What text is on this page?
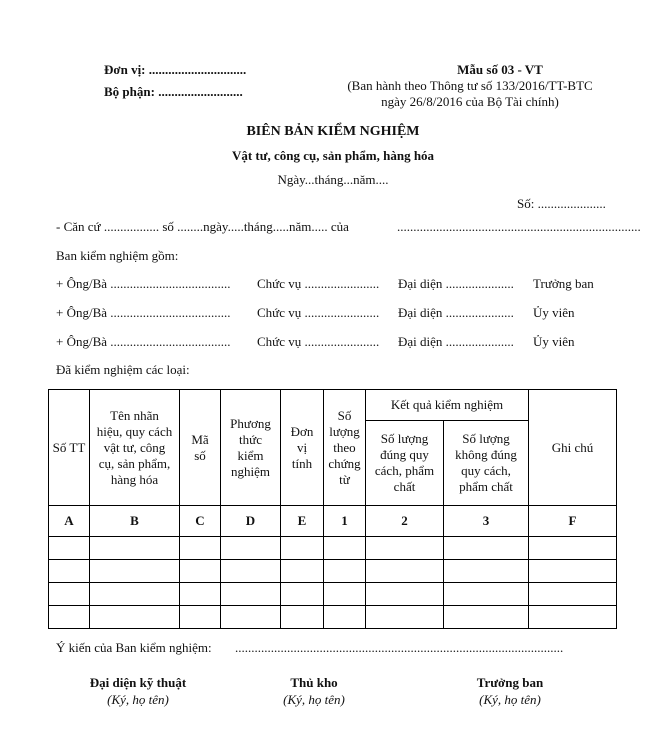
Đơn vị: ..............................
Bộ phận: ..........................
Mẫu số 03 - VT
(Ban hành theo Thông tư số 133/2016/TT-BTC
ngày 26/8/2016 của Bộ Tài chính)
BIÊN BẢN KIỂM NGHIỆM
Vật tư, công cụ, sản phẩm, hàng hóa
Ngày...tháng...năm....
Số: .....................
- Căn cứ ................. số ........ngày.....tháng.....năm..... của	...........................................................................
Ban kiểm nghiệm gồm:
+ Ông/Bà ..................................... Chức vụ ....................... Đại diện ..................... Trưởng ban
+ Ông/Bà ..................................... Chức vụ ....................... Đại diện ..................... Ủy viên
+ Ông/Bà ..................................... Chức vụ ....................... Đại diện ..................... Ủy viên
Đã kiểm nghiệm các loại:
Số TT	Tên nhãn hiệu, quy cách vật tư, công cụ, sản phẩm, hàng hóa	Mã số	Phương thức kiểm nghiệm	Đơn vị tính	Số lượng theo chứng từ	Kết quả kiểm nghiệm		Ghi chú
						Số lượng đúng quy cách, phẩm chất	Số lượng không đúng quy cách, phẩm chất	
A	B	C	D	E	1	2	3	F

Ý kiến của Ban kiểm nghiệm: .....................................................................................................
Đại diện kỹ thuật
(Ký, họ tên)
Thủ kho
(Ký, họ tên)
Trưởng ban
(Ký, họ tên)
